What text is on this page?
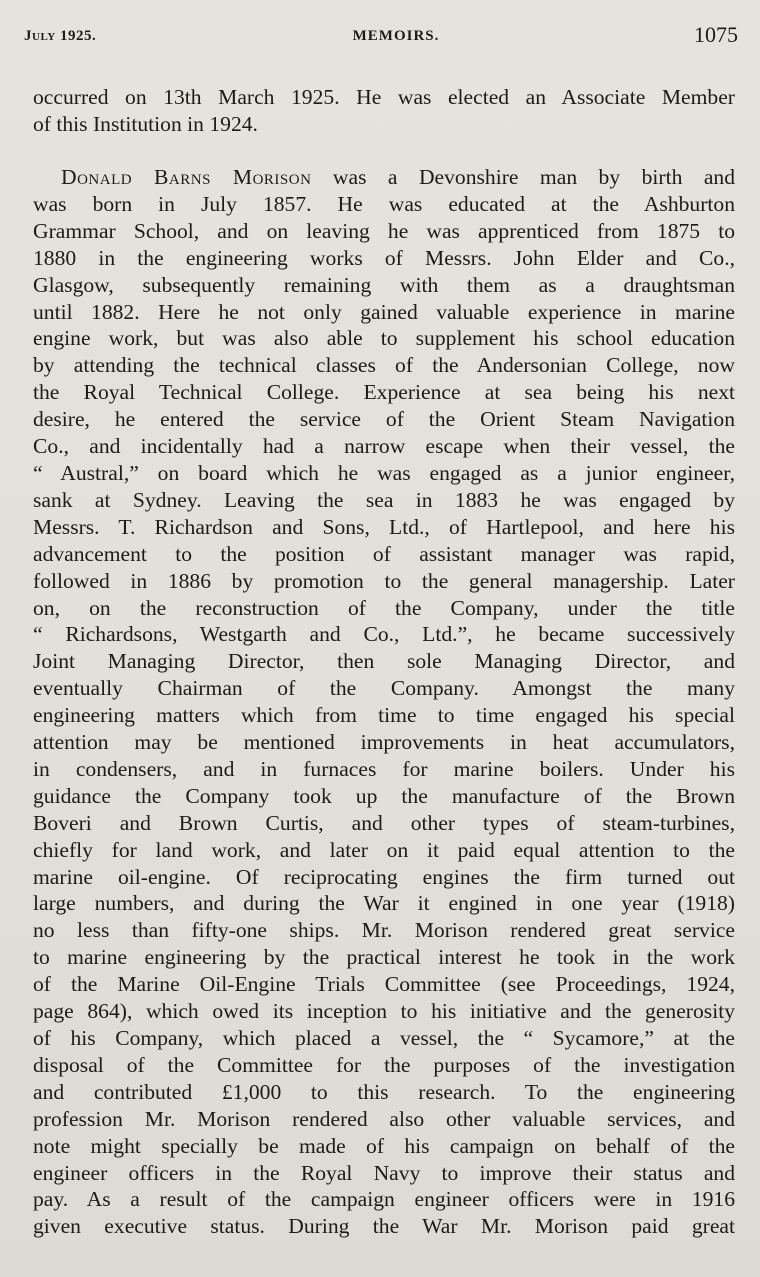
July 1925.	MEMOIRS.	1075
occurred on 13th March 1925. He was elected an Associate Member
of this Institution in 1924.
Donald Barns Morison was a Devonshire man by birth and
was born in July 1857. He was educated at the Ashburton
Grammar School, and on leaving he was apprenticed from 1875 to
1880 in the engineering works of Messrs. John Elder and Co.,
Glasgow, subsequently remaining with them as a draughtsman
until 1882. Here he not only gained valuable experience in marine
engine work, but was also able to supplement his school education
by attending the technical classes of the Andersonian College, now
the Royal Technical College. Experience at sea being his next
desire, he entered the service of the Orient Steam Navigation
Co., and incidentally had a narrow escape when their vessel, the
“ Austral,” on board which he was engaged as a junior engineer,
sank at Sydney. Leaving the sea in 1883 he was engaged by
Messrs. T. Richardson and Sons, Ltd., of Hartlepool, and here his
advancement to the position of assistant manager was rapid,
followed in 1886 by promotion to the general managership. Later
on, on the reconstruction of the Company, under the title
“ Richardsons, Westgarth and Co., Ltd.”, he became successively
Joint Managing Director, then sole Managing Director, and
eventually Chairman of the Company. Amongst the many
engineering matters which from time to time engaged his special
attention may be mentioned improvements in heat accumulators,
in condensers, and in furnaces for marine boilers. Under his
guidance the Company took up the manufacture of the Brown
Boveri and Brown Curtis, and other types of steam-turbines,
chiefly for land work, and later on it paid equal attention to the
marine oil-engine. Of reciprocating engines the firm turned out
large numbers, and during the War it engined in one year (1918)
no less than fifty-one ships. Mr. Morison rendered great service
to marine engineering by the practical interest he took in the work
of the Marine Oil-Engine Trials Committee (see Proceedings, 1924,
page 864), which owed its inception to his initiative and the generosity
of his Company, which placed a vessel, the “ Sycamore,” at the
disposal of the Committee for the purposes of the investigation
and contributed £1,000 to this research. To the engineering
profession Mr. Morison rendered also other valuable services, and
note might specially be made of his campaign on behalf of the
engineer officers in the Royal Navy to improve their status and
pay. As a result of the campaign engineer officers were in 1916
given executive status. During the War Mr. Morison paid great
